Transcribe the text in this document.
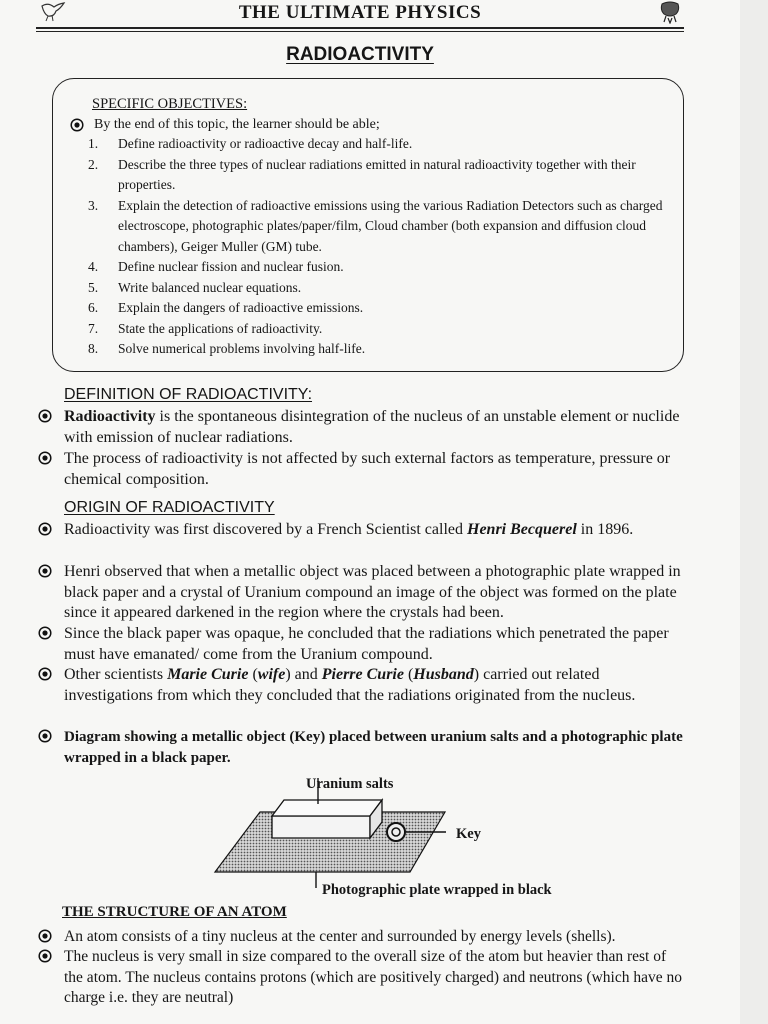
THE ULTIMATE PHYSICS
RADIOACTIVITY
SPECIFIC OBJECTIVES:
By the end of this topic, the learner should be able;
1. Define radioactivity or radioactive decay and half-life.
2. Describe the three types of nuclear radiations emitted in natural radioactivity together with their properties.
3. Explain the detection of radioactive emissions using the various Radiation Detectors such as charged electroscope, photographic plates/paper/film, Cloud chamber (both expansion and diffusion cloud chambers), Geiger Muller (GM) tube.
4. Define nuclear fission and nuclear fusion.
5. Write balanced nuclear equations.
6. Explain the dangers of radioactive emissions.
7. State the applications of radioactivity.
8. Solve numerical problems involving half-life.
DEFINITION OF RADIOACTIVITY:
Radioactivity is the spontaneous disintegration of the nucleus of an unstable element or nuclide with emission of nuclear radiations.
The process of radioactivity is not affected by such external factors as temperature, pressure or chemical composition.
ORIGIN OF RADIOACTIVITY
Radioactivity was first discovered by a French Scientist called Henri Becquerel in 1896.
Henri observed that when a metallic object was placed between a photographic plate wrapped in black paper and a crystal of Uranium compound an image of the object was formed on the plate since it appeared darkened in the region where the crystals had been.
Since the black paper was opaque, he concluded that the radiations which penetrated the paper must have emanated/ come from the Uranium compound.
Other scientists Marie Curie (wife) and Pierre Curie (Husband) carried out related investigations from which they concluded that the radiations originated from the nucleus.
Diagram showing a metallic object (Key) placed between uranium salts and a photographic plate wrapped in a black paper.
Uranium salts
Key
Photographic plate wrapped in black
THE STRUCTURE OF AN ATOM
An atom consists of a tiny nucleus at the center and surrounded by energy levels (shells).
The nucleus is very small in size compared to the overall size of the atom but heavier than rest of the atom. The nucleus contains protons (which are positively charged) and neutrons (which have no charge i.e. they are neutral)
